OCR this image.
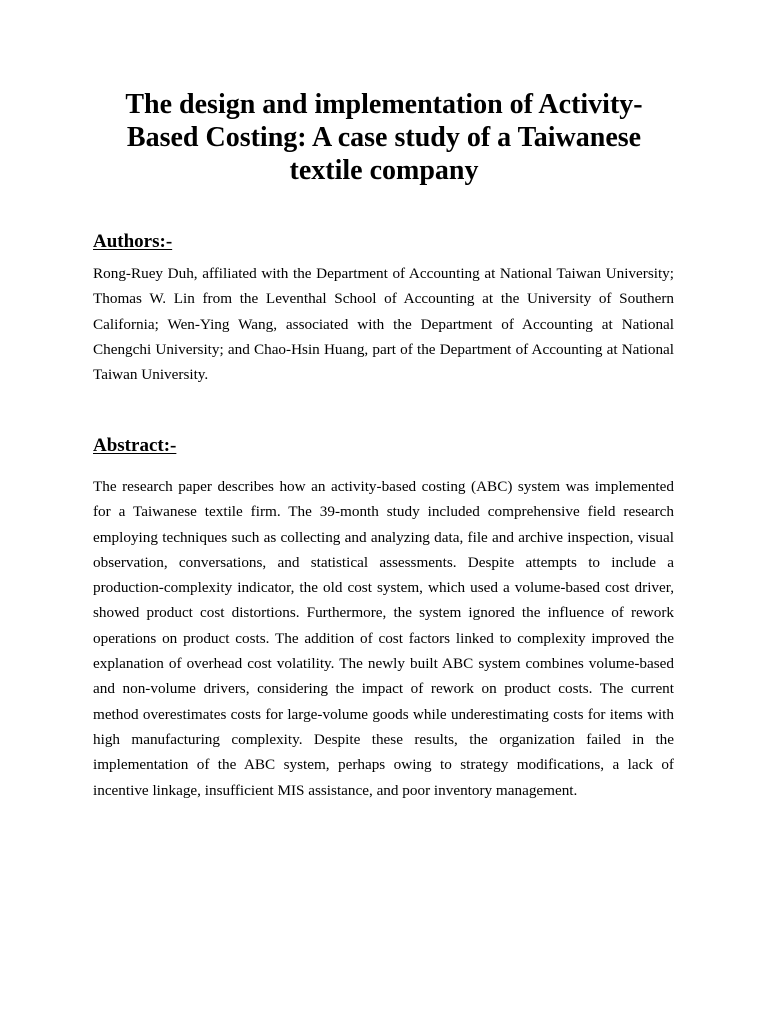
The design and implementation of Activity-Based Costing: A case study of a Taiwanese textile company
Authors:-

Rong-Ruey Duh, affiliated with the Department of Accounting at National Taiwan University; Thomas W. Lin from the Leventhal School of Accounting at the University of Southern California; Wen-Ying Wang, associated with the Department of Accounting at National Chengchi University; and Chao-Hsin Huang, part of the Department of Accounting at National Taiwan University.

Abstract:-

The research paper describes how an activity-based costing (ABC) system was implemented for a Taiwanese textile firm. The 39-month study included comprehensive field research employing techniques such as collecting and analyzing data, file and archive inspection, visual observation, conversations, and statistical assessments. Despite attempts to include a production-complexity indicator, the old cost system, which used a volume-based cost driver, showed product cost distortions. Furthermore, the system ignored the influence of rework operations on product costs. The addition of cost factors linked to complexity improved the explanation of overhead cost volatility. The newly built ABC system combines volume-based and non-volume drivers, considering the impact of rework on product costs. The current method overestimates costs for large-volume goods while underestimating costs for items with high manufacturing complexity. Despite these results, the organization failed in the implementation of the ABC system, perhaps owing to strategy modifications, a lack of incentive linkage, insufficient MIS assistance, and poor inventory management.
